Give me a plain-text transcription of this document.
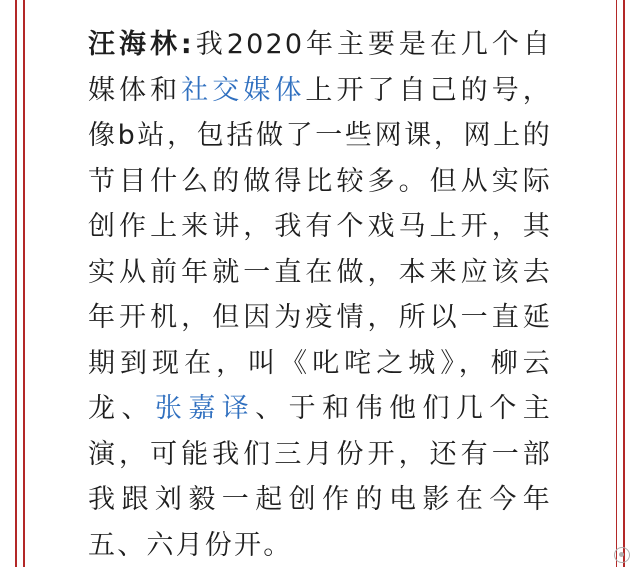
汪海林:我2020年主要是在几个自
媒体和社交媒体上开了自己的号，
像b站，包括做了一些网课，网上的
节目什么的做得比较多。但从实际
创作上来讲，我有个戏马上开，其
实从前年就一直在做，本来应该去
年开机，但因为疫情，所以一直延
期到现在，叫《叱咤之城》，柳云
龙、张嘉译、于和伟他们几个主
演，可能我们三月份开，还有一部
我跟刘毅一起创作的电影在今年
五、六月份开。
